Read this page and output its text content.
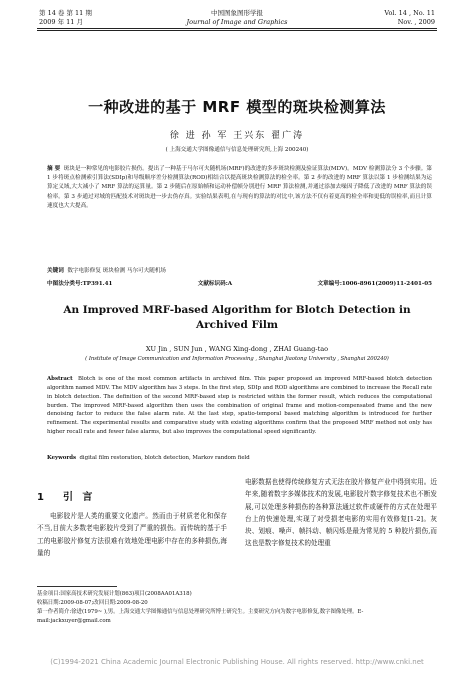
第 14 卷 第 11 期
2009 年 11 月
中国图象图形学报
Journal of Image and Graphics
Vol. 14 , No. 11
Nov. , 2009
一种改进的基于 MRF 模型的斑块检测算法
徐 进 孙 军 王兴东 翟广涛
( 上海交通大学图像通信与信息处理研究所,上海 200240)
摘 要 斑块是一种常见的电影胶片损伤。提出了一种基于马尔可夫随机场(MRF)的改进的多步斑块检测及验证算法(MDV)。MDV 检测算法分 3 个步骤。第 1 步将斑点检测索引算法(SDIp)和导级顺序差分检测算法(ROD)相结合以提高斑块检测算法的检全率。第 2 步的改进的 MRF 算法以第 1 步检测结果为运算定义域,大大减小了 MRF 算法的运算量。第 2 步随后在原始帧和运动补偿帧分别进行 MRF 算法检测,并通过添加去噪因子降低了改进的 MRF 算法的误检率。第 3 步通过对域的匹配技术对斑块进一步去伪存真。实验结果表明,在与现有的算法的对比中,该方法不仅有着更高的检全率和更低的误检率,而且计算速度也大大提高。
关键词 数字电影修复 斑块检测 马尔可夫随机场
中图法分类号:TP391.41	文献标识码:A	文章编号:1006-8961(2009)11-2401-05
An Improved MRF-based Algorithm for Blotch Detection in Archived Film
XU Jin , SUN Jun , WANG Xing-dong , ZHAI Guang-tao
( Institute of Image Communication and Information Processing , Shanghai Jiaotong University , Shanghai 200240)
Abstract Blotch is one of the most common artifacts in archived film. This paper proposed an improved MRF-based blotch detection algorithm named MDV. The MDV algorithm has 3 steps. In the first step, SDIp and ROD algorithms are combined to increase the Recall rate in blotch detection. The definition of the second MRF-based step is restricted within the former result, which reduces the computational burden. The improved MRF-based algorithm then uses the combination of original frame and motion-compensated frame and the new denoising factor to reduce the false alarm rate. At the last step, spatio-temporal based matching algorithm is introduced for further refinement. The experimental results and comparative study with existing algorithms confirm that the proposed MRF method not only has higher recall rate and fewer false alarms, but also improves the computational speed significantly.
Keywords digital film restoration, blotch detection, Markov random field
1 引 言
电影胶片是人类的重要文化遗产。然而由于材质老化和保存不当,目前大多数老电影胶片受到了严重的损伤。而传统的基于手工的电影胶片修复方法很难有效地处理电影中存在的多种损伤,海量的
电影数据也使得传统修复方式无法在胶片修复产业中得到实用。近年来,随着数字多媒体技术的发展,电影胶片数字修复技术也不断发展,可以处理多种损伤的各种算法通过软件或硬件的方式在处理平台上的快速处理,实现了对受损老电影的实用有效修复[1-2]。灰块、划痕、噪声、帧抖动、帧闪烁是最为常见的 5 种胶片损伤,而这也是数字修复技术的处理重
基金项目:国家高技术研究发展计划(863)项目(2008AA01A318)
收稿日期:2009-08-07;改回日期:2009-08-20
第一作者简介:徐进(1979~ ),男。上海交通大学图像通信与信息处理研究所博士研究生。主要研究方向为数字电影修复,数字图像处理。E-mail:jackxuyer@gmail.com
(C)1994-2021 China Academic Journal Electronic Publishing House. All rights reserved. http://www.cnki.net
